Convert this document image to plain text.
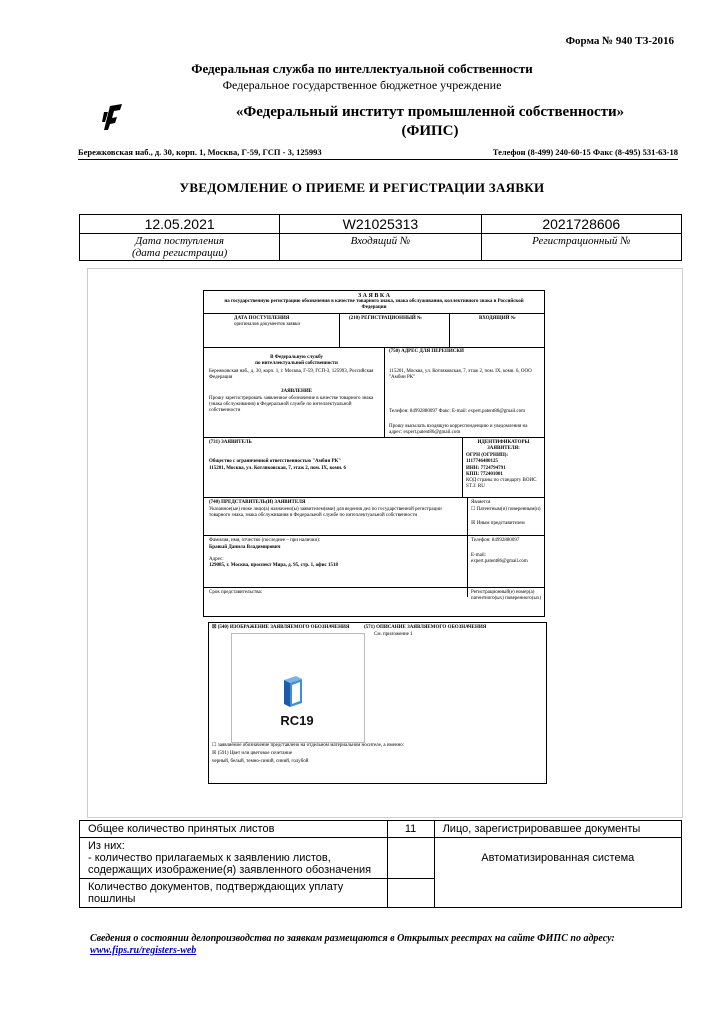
Форма № 940 ТЗ-2016
Федеральная служба по интеллектуальной собственности
Федеральное государственное бюджетное учреждение
«Федеральный институт промышленной собственности»
(ФИПС)
Бережковская наб., д. 30, корп. 1, Москва, Г-59, ГСП - 3, 125993	Телефон (8-499) 240-60-15 Факс (8-495) 531-63-18
УВЕДОМЛЕНИЕ О ПРИЕМЕ И РЕГИСТРАЦИИ ЗАЯВКИ
12.05.2021	W21025313	2021728606

Дата поступления
(дата регистрации)	Входящий №	Регистрационный №
З А Я В К А
на государственную регистрацию обозначения в качестве товарного знака, знака обслуживания, коллективного знака в Российской Федерации
ДАТА ПОСТУПЛЕНИЯ
оригиналов документов заявки
(210) РЕГИСТРАЦИОННЫЙ №	ВХОДЯЩИЙ №
В Федеральную службу
по интеллектуальной собственности
Бережковская наб., д. 30, корп. 1, г. Москва, Г-59, ГСП-3, 125993, Российская Федерация
ЗАЯВЛЕНИЕ
Прошу зарегистрировать заявленное обозначение в качестве товарного знака (знака обслуживания) в Федеральной службе по интеллектуальной собственности
(750) АДРЕС ДЛЯ ПЕРЕПИСКИ
115201, Москва, ул. Котляковская, 7, этаж 2, пом. IX, комн. 6, ООО "Амбин РК"
Телефон: 84992880097 Факс: E-mail: expert.patent86@gmail.com
Прошу высылать входящую корреспонденцию и уведомления на адрес: expert.patent86@gmail.com
(731) ЗАЯВИТЕЛЬ
Общество с ограниченной ответственностью "Амбин РК"
115201, Москва, ул. Котляковская, 7, этаж 2, пом. IX, комн. 6
ИДЕНТИФИКАТОРЫ ЗАЯВИТЕЛЯ:
ОГРН (ОГРНИП): 1117746480125
ИНН: 7724794791
КПП: 772401001
КОД страны по стандарту ВОИС ST.3: RU
(740) ПРЕДСТАВИТЕЛЬ(И) ЗАЯВИТЕЛЯ
Указанное(ые) ниже лицо(а) назначено(ы) заявителем(ями) для ведения дел по государственной регистрации товарного знака, знака обслуживания в Федеральной службе по интеллектуальной собственности
Является
☐ Патентным(и) поверенным(и)
☒ Иным представителем
Фамилия, имя, отчество (последнее – при наличии):
Бравый Данила Владимирович
Адрес:
129085, г. Москва, проспект Мира, д. 95, стр. 1, офис 1518
Телефон: 84992880097
E-mail: expert.patent86@gmail.com
Срок представительства:	Регистрационный(е) номер(а) патентного(ых) поверенного(ых)
☒ (540) ИЗОБРАЖЕНИЕ ЗАЯВЛЯЕМОГО ОБОЗНАЧЕНИЯ	(571) ОПИСАНИЕ ЗАЯВЛЯЕМОГО ОБОЗНАЧЕНИЯ
См. приложение 1
RC19
☐ заявляемое обозначение представлено на отдельном материальном носителе, а именно:
☒ (591) Цвет или цветовое сочетание
черный, белый, темно-синий, синий, голубой
Общее количество принятых листов	11	Лицо, зарегистрировавшее документы

Из них:
- количество прилагаемых к заявлению листов, содержащих изображение(я) заявленного обозначения		Автоматизированная система
Количество документов, подтверждающих уплату пошлины		
Сведения о состоянии делопроизводства по заявкам размещаются в Открытых реестрах на сайте ФИПС по адресу: www.fips.ru/registers-web
